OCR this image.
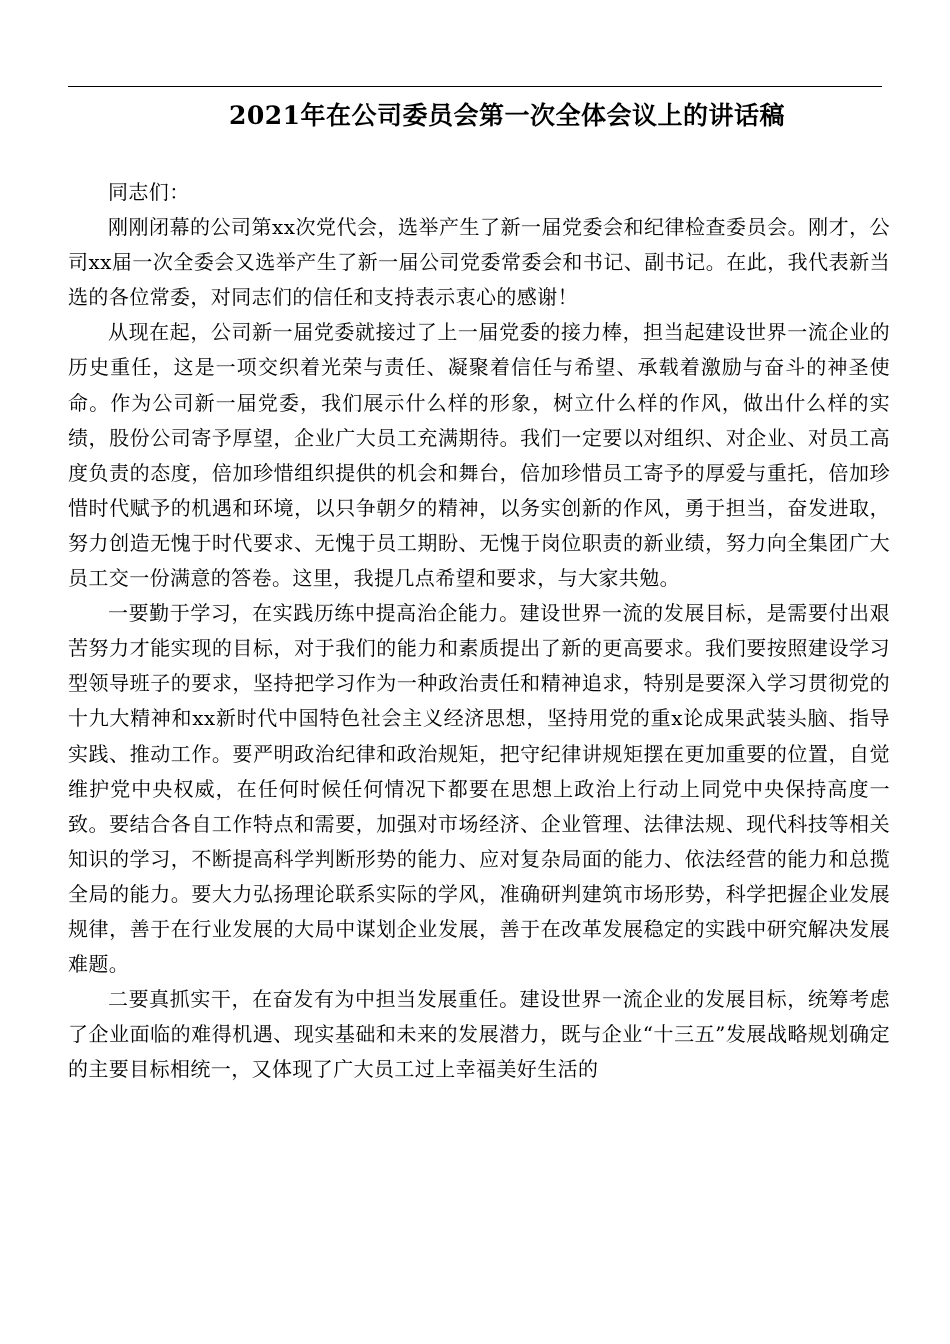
2021年在公司委员会第一次全体会议上的讲话稿

同志们：

刚刚闭幕的公司第xx次党代会，选举产生了新一届党委会和纪律检查委员会。刚才，公司xx届一次全委会又选举产生了新一届公司党委常委会和书记、副书记。在此，我代表新当选的各位常委，对同志们的信任和支持表示衷心的感谢！

从现在起，公司新一届党委就接过了上一届党委的接力棒，担当起建设世界一流企业的历史重任，这是一项交织着光荣与责任、凝聚着信任与希望、承载着激励与奋斗的神圣使命。作为公司新一届党委，我们展示什么样的形象，树立什么样的作风，做出什么样的实绩，股份公司寄予厚望，企业广大员工充满期待。我们一定要以对组织、对企业、对员工高度负责的态度，倍加珍惜组织提供的机会和舞台，倍加珍惜员工寄予的厚爱与重托，倍加珍惜时代赋予的机遇和环境，以只争朝夕的精神，以务实创新的作风，勇于担当，奋发进取，努力创造无愧于时代要求、无愧于员工期盼、无愧于岗位职责的新业绩，努力向全集团广大员工交一份满意的答卷。这里，我提几点希望和要求，与大家共勉。

一要勤于学习，在实践历练中提高治企能力。建设世界一流的发展目标，是需要付出艰苦努力才能实现的目标，对于我们的能力和素质提出了新的更高要求。我们要按照建设学习型领导班子的要求，坚持把学习作为一种政治责任和精神追求，特别是要深入学习贯彻党的十九大精神和xx新时代中国特色社会主义经济思想，坚持用党的重x论成果武装头脑、指导实践、推动工作。要严明政治纪律和政治规矩，把守纪律讲规矩摆在更加重要的位置，自觉维护党中央权威，在任何时候任何情况下都要在思想上政治上行动上同党中央保持高度一致。要结合各自工作特点和需要，加强对市场经济、企业管理、法律法规、现代科技等相关知识的学习，不断提高科学判断形势的能力、应对复杂局面的能力、依法经营的能力和总揽全局的能力。要大力弘扬理论联系实际的学风，准确研判建筑市场形势，科学把握企业发展规律，善于在行业发展的大局中谋划企业发展，善于在改革发展稳定的实践中研究解决发展难题。

二要真抓实干，在奋发有为中担当发展重任。建设世界一流企业的发展目标，统筹考虑了企业面临的难得机遇、现实基础和未来的发展潜力，既与企业“十三五”发展战略规划确定的主要目标相统一，又体现了广大员工过上幸福美好生活的
